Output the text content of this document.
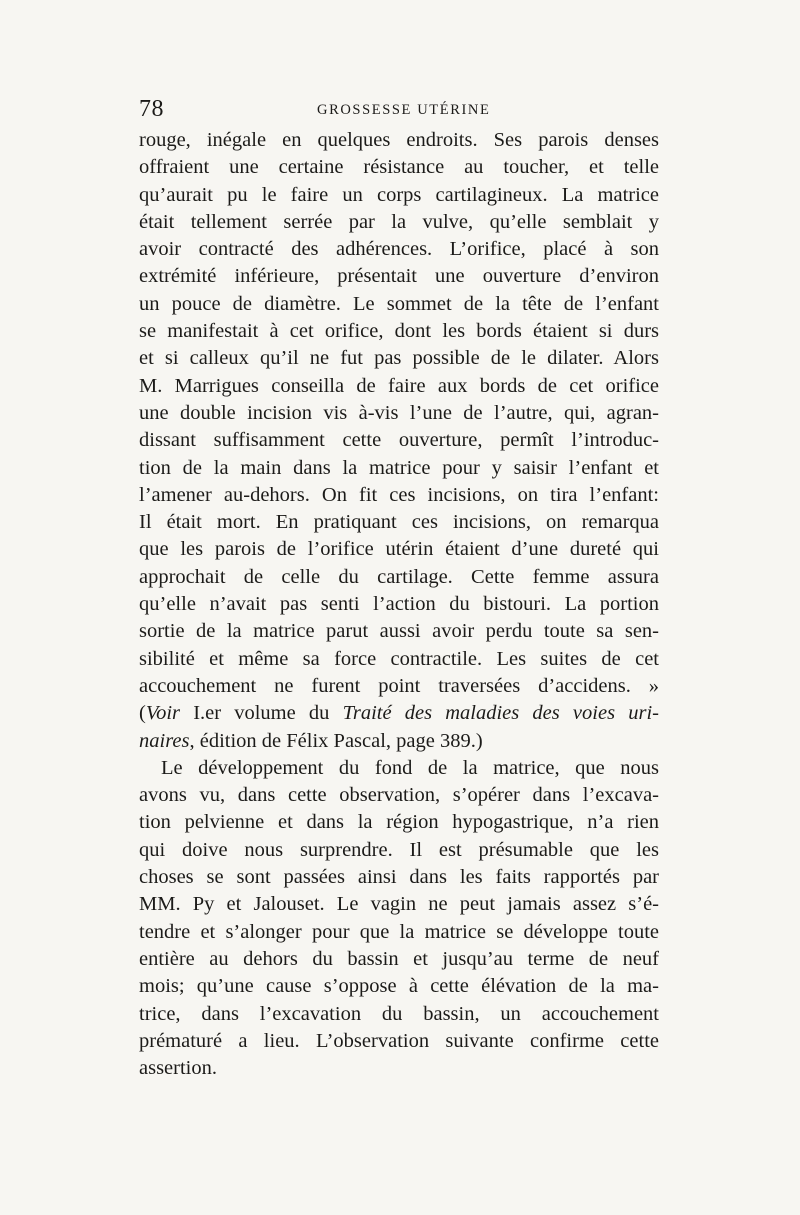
78	GROSSESSE UTÉRINE
rouge, inégale en quelques endroits. Ses parois denses
offraient une certaine résistance au toucher, et telle
qu’aurait pu le faire un corps cartilagineux. La matrice
était tellement serrée par la vulve, qu’elle semblait y
avoir contracté des adhérences. L’orifice, placé à son
extrémité inférieure, présentait une ouverture d’environ
un pouce de diamètre. Le sommet de la tête de l’enfant
se manifestait à cet orifice, dont les bords étaient si durs
et si calleux qu’il ne fut pas possible de le dilater. Alors
M. Marrigues conseilla de faire aux bords de cet orifice
une double incision vis à-vis l’une de l’autre, qui, agran-
dissant suffisamment cette ouverture, permît l’introduc-
tion de la main dans la matrice pour y saisir l’enfant et
l’amener au-dehors. On fit ces incisions, on tira l’enfant:
Il était mort. En pratiquant ces incisions, on remarqua
que les parois de l’orifice utérin étaient d’une dureté qui
approchait de celle du cartilage. Cette femme assura
qu’elle n’avait pas senti l’action du bistouri. La portion
sortie de la matrice parut aussi avoir perdu toute sa sen-
sibilité et même sa force contractile. Les suites de cet
accouchement ne furent point traversées d’accidens. »
(Voir I.er volume du Traité des maladies des voies uri-
naires, édition de Félix Pascal, page 389.)
Le développement du fond de la matrice, que nous
avons vu, dans cette observation, s’opérer dans l’excava-
tion pelvienne et dans la région hypogastrique, n’a rien
qui doive nous surprendre. Il est présumable que les
choses se sont passées ainsi dans les faits rapportés par
MM. Py et Jalouset. Le vagin ne peut jamais assez s’é-
tendre et s’alonger pour que la matrice se développe toute
entière au dehors du bassin et jusqu’au terme de neuf
mois; qu’une cause s’oppose à cette élévation de la ma-
trice, dans l’excavation du bassin, un accouchement
prématuré a lieu. L’observation suivante confirme cette
assertion.
